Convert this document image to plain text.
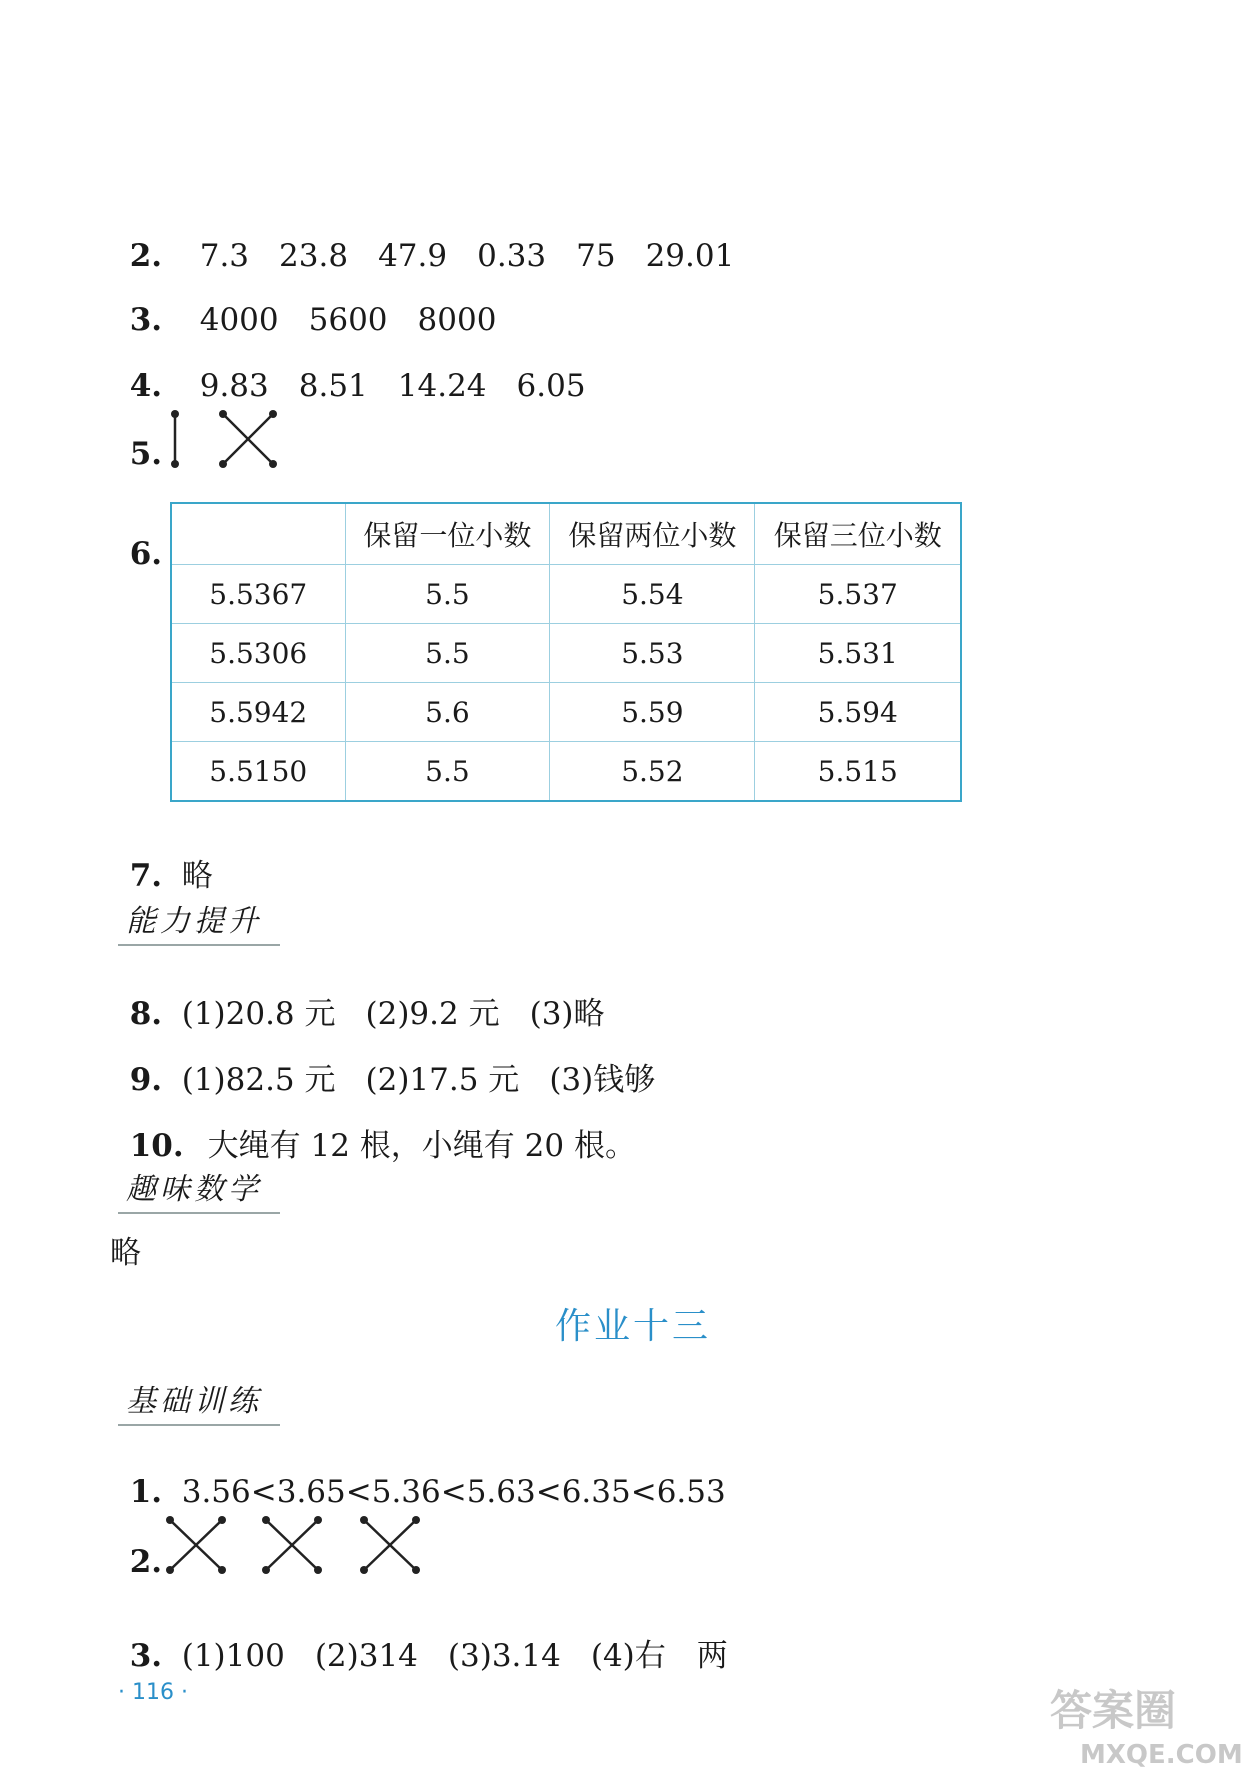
2. 7.3 23.8 47.9 0.33 75 29.01

3. 4000 5600 8000

4. 9.83 8.51 14.24 6.05

5.

6.

	保留一位小数	保留两位小数	保留三位小数
5.5367	5.5	5.54	5.537
5.5306	5.5	5.53	5.531
5.5942	5.6	5.59	5.594
5.5150	5.5	5.52	5.515

7. 略

能力提升

8. (1)20.8 元 (2)9.2 元 (3)略

9. (1)82.5 元 (2)17.5 元 (3)钱够

10. 大绳有 12 根，小绳有 20 根。

趣味数学
略
作业十三
基础训练

1. 3.56<3.65<5.36<5.63<6.35<6.53

2.

3. (1)100 (2)314 (3)3.14 (4)右　两

· 116 ·	答案圈
MXQE.COM
